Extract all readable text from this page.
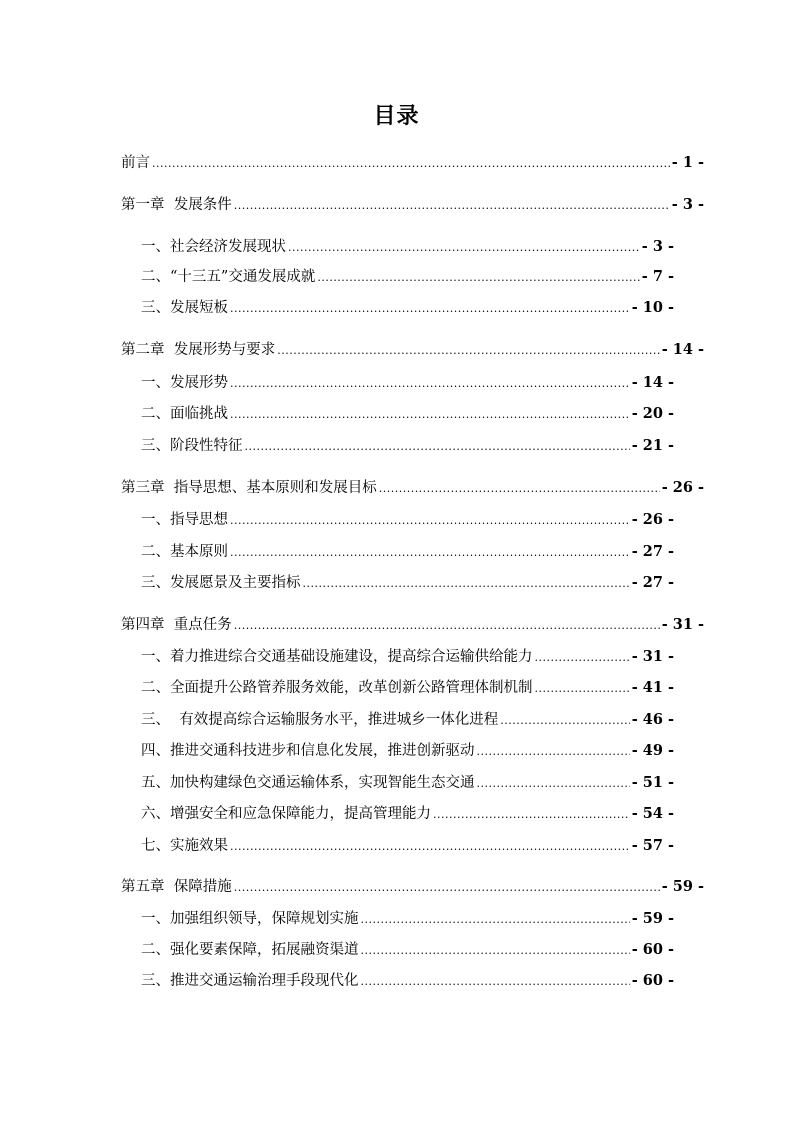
目录
前言 .....	- 1 -
第一章  发展条件 .....	- 3 -
一、社会经济发展现状 .....	- 3 -
二、“十三五”交通发展成就 .....	- 7 -
三、发展短板 .....	- 10 -
第二章  发展形势与要求 .....	- 14 -
一、发展形势 .....	- 14 -
二、面临挑战 .....	- 20 -
三、阶段性特征 .....	- 21 -
第三章  指导思想、基本原则和发展目标 .....	- 26 -
一、指导思想 .....	- 26 -
二、基本原则 .....	- 27 -
三、发展愿景及主要指标 .....	- 27 -
第四章  重点任务 .....	- 31 -
一、着力推进综合交通基础设施建设，提高综合运输供给能力 .....	- 31 -
二、全面提升公路管养服务效能，改革创新公路管理体制机制 .....	- 41 -
三、  有效提高综合运输服务水平，推进城乡一体化进程 .....	- 46 -
四、推进交通科技进步和信息化发展，推进创新驱动 .....	- 49 -
五、加快构建绿色交通运输体系，实现智能生态交通 .....	- 51 -
六、增强安全和应急保障能力，提高管理能力 .....	- 54 -
七、实施效果 .....	- 57 -
第五章  保障措施 .....	- 59 -
一、加强组织领导，保障规划实施 .....	- 59 -
二、强化要素保障，拓展融资渠道 .....	- 60 -
三、推进交通运输治理手段现代化 .....	- 60 -
